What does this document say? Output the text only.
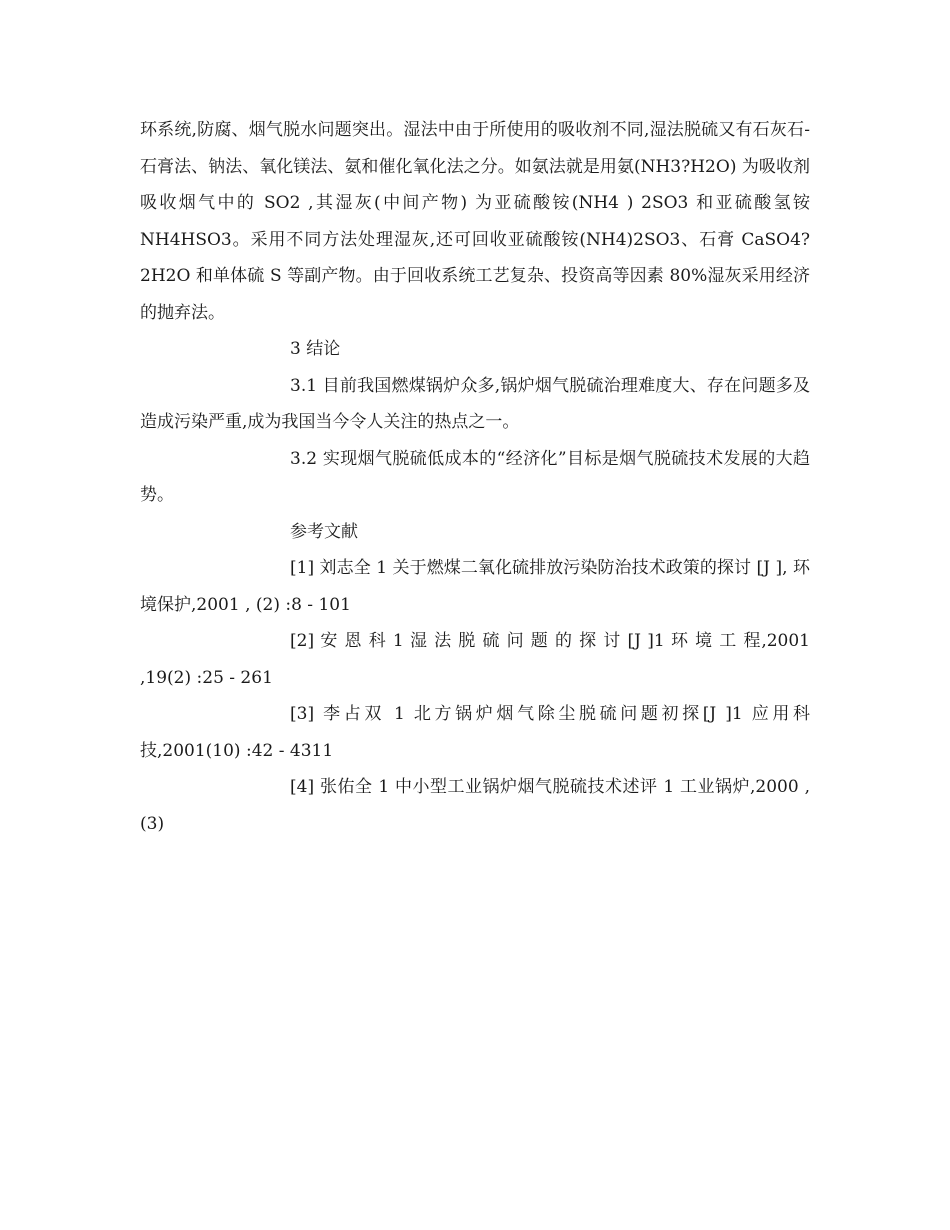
环系统,防腐、烟气脱水问题突出。湿法中由于所使用的吸收剂不同,湿法脱硫又有石灰石- 石膏法、钠法、氧化镁法、氨和催化氧化法之分。如氨法就是用氨(NH3?H2O) 为吸收剂吸收烟气中的 SO2 ,其湿灰(中间产物) 为亚硫酸铵(NH4 ) 2SO3 和亚硫酸氢铵 NH4HSO3。采用不同方法处理湿灰,还可回收亚硫酸铵(NH4)2SO3、石膏 CaSO4?2H2O 和单体硫 S 等副产物。由于回收系统工艺复杂、投资高等因素 80%湿灰采用经济的抛弃法。

3 结论

3.1 目前我国燃煤锅炉众多,锅炉烟气脱硫治理难度大、存在问题多及造成污染严重,成为我国当今令人关注的热点之一。

3.2 实现烟气脱硫低成本的“经济化”目标是烟气脱硫技术发展的大趋势。

参考文献

[1] 刘志全 1 关于燃煤二氧化硫排放污染防治技术政策的探讨 [J ], 环境保护,2001 , (2) :8 - 101

[2] 安 恩 科 1 湿 法 脱 硫 问 题 的 探 讨 [J ]1 环 境 工 程,2001 ,19(2) :25 - 261

[3] 李占双 1 北方锅炉烟气除尘脱硫问题初探[J ]1 应用科技,2001(10) :42 - 4311

[4] 张佑全 1 中小型工业锅炉烟气脱硫技术述评 1 工业锅炉,2000 , (3)
